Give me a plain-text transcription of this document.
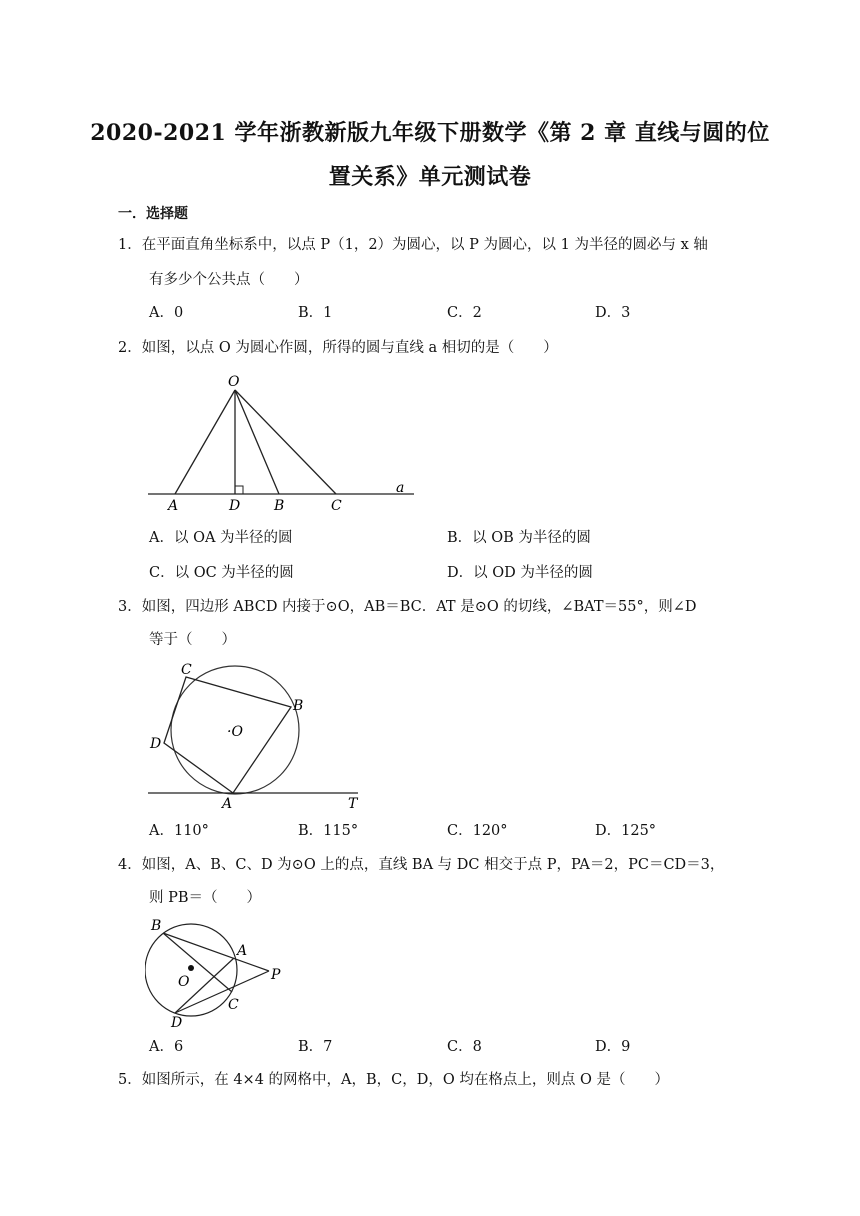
2020-2021 学年浙教新版九年级下册数学《第 2 章 直线与圆的位
置关系》单元测试卷
一．选择题
1．在平面直角坐标系中，以点 P（1，2）为圆心，以 P 为圆心，以 1 为半径的圆必与 x 轴
有多少个公共点（　　）
A．0	B．1	C．2	D．3
2．如图，以点 O 为圆心作圆，所得的圆与直线 a 相切的是（　　）
O
A	D B	C
a
A．以 OA 为半径的圆	B．以 OB 为半径的圆
C．以 OC 为半径的圆	D．以 OD 为半径的圆
3．如图，四边形 ABCD 内接于⊙O，AB＝BC．AT 是⊙O 的切线，∠BAT＝55°，则∠D
等于（　　）
C
B
D
·O
A	T
A．110°	B．115°	C．120°	D．125°
4．如图，A、B、C、D 为⊙O 上的点，直线 BA 与 DC 相交于点 P，PA＝2，PC＝CD＝3，
则 PB＝（　　）
B
A
P
O
C
D
A．6	B．7	C．8	D．9
5．如图所示，在 4×4 的网格中，A，B，C，D，O 均在格点上，则点 O 是（　　）
